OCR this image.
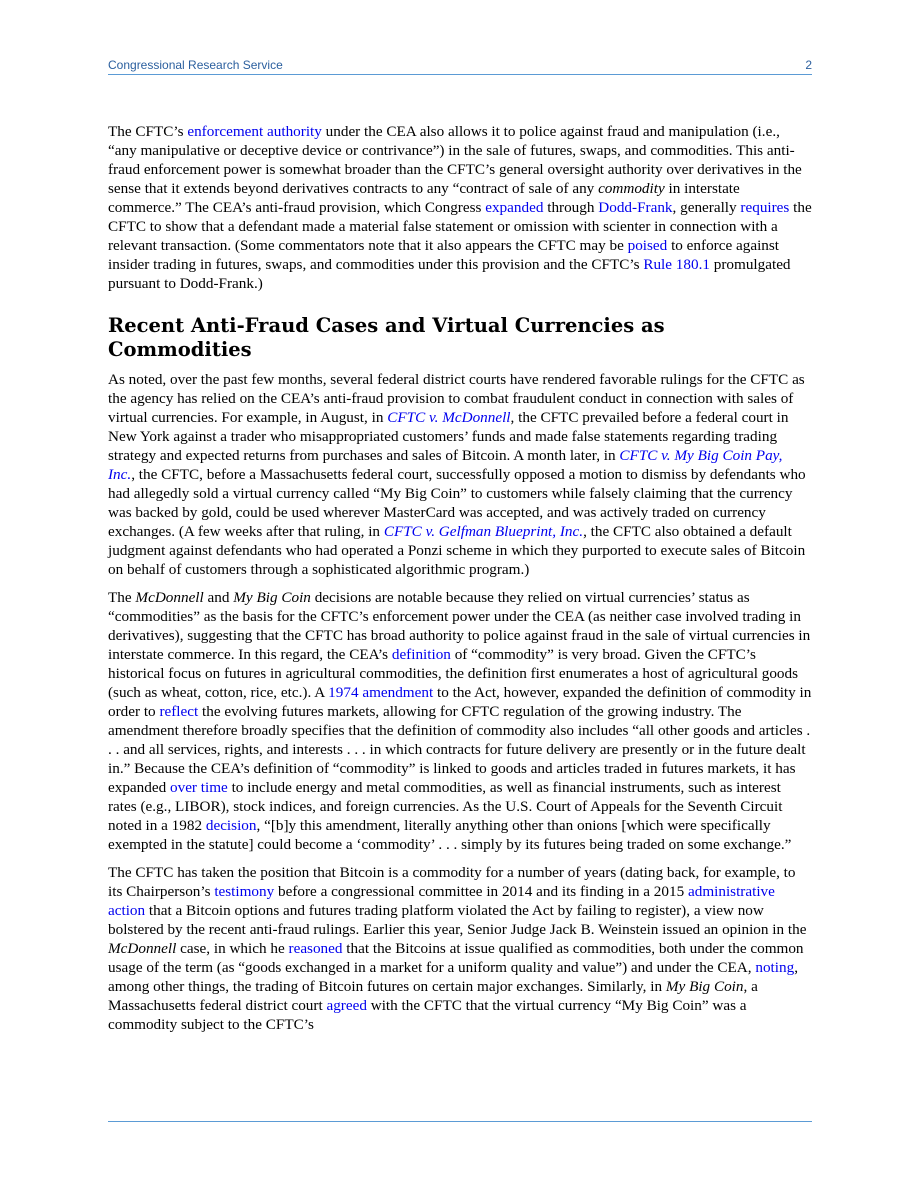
Congressional Research Service	2

The CFTC’s enforcement authority under the CEA also allows it to police against fraud and manipulation (i.e., “any manipulative or deceptive device or contrivance”) in the sale of futures, swaps, and commodities. This anti-fraud enforcement power is somewhat broader than the CFTC’s general oversight authority over derivatives in the sense that it extends beyond derivatives contracts to any “contract of sale of any commodity in interstate commerce.” The CEA’s anti-fraud provision, which Congress expanded through Dodd-Frank, generally requires the CFTC to show that a defendant made a material false statement or omission with scienter in connection with a relevant transaction. (Some commentators note that it also appears the CFTC may be poised to enforce against insider trading in futures, swaps, and commodities under this provision and the CFTC’s Rule 180.1 promulgated pursuant to Dodd-Frank.)

Recent Anti-Fraud Cases and Virtual Currencies as Commodities

As noted, over the past few months, several federal district courts have rendered favorable rulings for the CFTC as the agency has relied on the CEA’s anti-fraud provision to combat fraudulent conduct in connection with sales of virtual currencies. For example, in August, in CFTC v. McDonnell, the CFTC prevailed before a federal court in New York against a trader who misappropriated customers’ funds and made false statements regarding trading strategy and expected returns from purchases and sales of Bitcoin. A month later, in CFTC v. My Big Coin Pay, Inc., the CFTC, before a Massachusetts federal court, successfully opposed a motion to dismiss by defendants who had allegedly sold a virtual currency called “My Big Coin” to customers while falsely claiming that the currency was backed by gold, could be used wherever MasterCard was accepted, and was actively traded on currency exchanges. (A few weeks after that ruling, in CFTC v. Gelfman Blueprint, Inc., the CFTC also obtained a default judgment against defendants who had operated a Ponzi scheme in which they purported to execute sales of Bitcoin on behalf of customers through a sophisticated algorithmic program.)

The McDonnell and My Big Coin decisions are notable because they relied on virtual currencies’ status as “commodities” as the basis for the CFTC’s enforcement power under the CEA (as neither case involved trading in derivatives), suggesting that the CFTC has broad authority to police against fraud in the sale of virtual currencies in interstate commerce. In this regard, the CEA’s definition of “commodity” is very broad. Given the CFTC’s historical focus on futures in agricultural commodities, the definition first enumerates a host of agricultural goods (such as wheat, cotton, rice, etc.). A 1974 amendment to the Act, however, expanded the definition of commodity in order to reflect the evolving futures markets, allowing for CFTC regulation of the growing industry. The amendment therefore broadly specifies that the definition of commodity also includes “all other goods and articles . . . and all services, rights, and interests . . . in which contracts for future delivery are presently or in the future dealt in.” Because the CEA’s definition of “commodity” is linked to goods and articles traded in futures markets, it has expanded over time to include energy and metal commodities, as well as financial instruments, such as interest rates (e.g., LIBOR), stock indices, and foreign currencies. As the U.S. Court of Appeals for the Seventh Circuit noted in a 1982 decision, “[b]y this amendment, literally anything other than onions [which were specifically exempted in the statute] could become a ‘commodity’ . . . simply by its futures being traded on some exchange.”

The CFTC has taken the position that Bitcoin is a commodity for a number of years (dating back, for example, to its Chairperson’s testimony before a congressional committee in 2014 and its finding in a 2015 administrative action that a Bitcoin options and futures trading platform violated the Act by failing to register), a view now bolstered by the recent anti-fraud rulings. Earlier this year, Senior Judge Jack B. Weinstein issued an opinion in the McDonnell case, in which he reasoned that the Bitcoins at issue qualified as commodities, both under the common usage of the term (as “goods exchanged in a market for a uniform quality and value”) and under the CEA, noting, among other things, the trading of Bitcoin futures on certain major exchanges. Similarly, in My Big Coin, a Massachusetts federal district court agreed with the CFTC that the virtual currency “My Big Coin” was a commodity subject to the CFTC’s
